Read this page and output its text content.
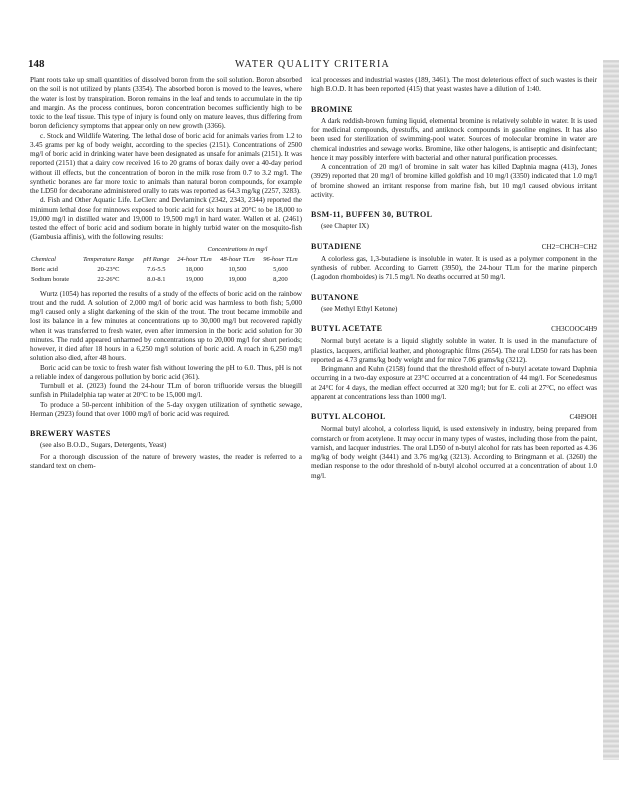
148	WATER QUALITY CRITERIA

Plant roots take up small quantities of dissolved boron from the soil solution. Boron absorbed on the soil is not utilized by plants (3354). The absorbed boron is moved to the leaves, where the water is lost by transpiration. Boron remains in the leaf and tends to accumulate in the tip and margin. As the process continues, boron concentration becomes sufficiently high to be toxic to the leaf tissue. This type of injury is found only on mature leaves, thus differing from boron deficiency symptoms that appear only on new growth (3366).

c. Stock and Wildlife Watering. The lethal dose of boric acid for animals varies from 1.2 to 3.45 grams per kg of body weight, according to the species (2151). Concentrations of 2500 mg/l of boric acid in drinking water have been designated as unsafe for animals (2151). It was reported (2151) that a dairy cow received 16 to 20 grams of borax daily over a 40-day period without ill effects, but the concentration of boron in the milk rose from 0.7 to 3.2 mg/l. The synthetic boranes are far more toxic to animals than natural boron compounds, for example the LD50 for decaborane administered orally to rats was reported as 64.3 mg/kg (2257, 3283).

d. Fish and Other Aquatic Life. LeClerc and Devlaminck (2342, 2343, 2344) reported the minimum lethal dose for minnows exposed to boric acid for six hours at 20°C to be 18,000 to 19,000 mg/l in distilled water and 19,000 to 19,500 mg/l in hard water. Wallen et al. (2461) tested the effect of boric acid and sodium borate in highly turbid water on the mosquito-fish (Gambusia affinis), with the following results:

			Concentrations in mg/l		
Chemical	Temperature Range	pH Range	24-hour TLm	48-hour TLm	96-hour TLm
Boric acid	20-23°C	7.6-5.5	18,000	10,500	5,600
Sodium borate	22-26°C	8.0-8.1	19,000	19,000	8,200

Wurtz (1054) has reported the results of a study of the effects of boric acid on the rainbow trout and the rudd. A solution of 2,000 mg/l of boric acid was harmless to both fish; 5,000 mg/l caused only a slight darkening of the skin of the trout. The trout became immobile and lost its balance in a few minutes at concentrations up to 30,000 mg/l but recovered rapidly when it was transferred to fresh water, even after immersion in the boric acid solution for 30 minutes. The rudd appeared unharmed by concentrations up to 20,000 mg/l for short periods; however, it died after 18 hours in a 6,250 mg/l solution of boric acid. A roach in 6,250 mg/l solution also died, after 48 hours.

Boric acid can be toxic to fresh water fish without lowering the pH to 6.0. Thus, pH is not a reliable index of dangerous pollution by boric acid (361).

Turnbull et al. (2023) found the 24-hour TLm of boron trifluoride versus the bluegill sunfish in Philadelphia tap water at 20°C to be 15,000 mg/l.

To produce a 50-percent inhibition of the 5-day oxygen utilization of synthetic sewage, Herman (2923) found that over 1000 mg/l of boric acid was required.

BREWERY WASTES
(see also B.O.D., Sugars, Detergents, Yeast)

For a thorough discussion of the nature of brewery wastes, the reader is referred to a standard text on chem-

ical processes and industrial wastes (189, 3461). The most deleterious effect of such wastes is their high B.O.D. It has been reported (415) that yeast wastes have a dilution of 1:40.

BROMINE

A dark reddish-brown fuming liquid, elemental bromine is relatively soluble in water. It is used for medicinal compounds, dyestuffs, and antiknock compounds in gasoline engines. It has also been used for sterilization of swimming-pool water. Sources of molecular bromine in water are chemical industries and sewage works. Bromine, like other halogens, is antiseptic and disinfectant; hence it may possibly interfere with bacterial and other natural purification processes.

A concentration of 20 mg/l of bromine in salt water has killed Daphnia magna (413), Jones (3929) reported that 20 mg/l of bromine killed goldfish and 10 mg/l (3350) indicated that 1.0 mg/l of bromine showed an irritant response from marine fish, but 10 mg/l caused obvious irritant activity.

BSM-11, BUFFEN 30, BUTROL
(see Chapter IX)
BUTADIENE	CH2=CHCH=CH2

A colorless gas, 1,3-butadiene is insoluble in water. It is used as a polymer component in the synthesis of rubber. According to Garrett (3950), the 24-hour TLm for the marine pinperch (Lagodon rhomboides) is 71.5 mg/l. No deaths occurred at 50 mg/l.

BUTANONE
(see Methyl Ethyl Ketone)
BUTYL ACETATE	CH3COOC4H9

Normal butyl acetate is a liquid slightly soluble in water. It is used in the manufacture of plastics, lacquers, artificial leather, and photographic films (2654). The oral LD50 for rats has been reported as 4.73 grams/kg body weight and for mice 7.06 grams/kg (3212).

Bringmann and Kuhn (2158) found that the threshold effect of n-butyl acetate toward Daphnia occurring in a two-day exposure at 23°C occurred at a concentration of 44 mg/l. For Scenedesmus at 24°C for 4 days, the median effect occurred at 320 mg/l; but for E. coli at 27°C, no effect was apparent at concentrations less than 1000 mg/l.

BUTYL ALCOHOL	C4H9OH

Normal butyl alcohol, a colorless liquid, is used extensively in industry, being prepared from cornstarch or from acetylene. It may occur in many types of wastes, including those from the paint, varnish, and lacquer industries. The oral LD50 of n-butyl alcohol for rats has been reported as 4.36 mg/kg of body weight (3441) and 3.76 mg/kg (3213). According to Bringmann et al. (3260) the median response to the odor threshold of n-butyl alcohol occurred at a concentration of about 1.0 mg/l.
